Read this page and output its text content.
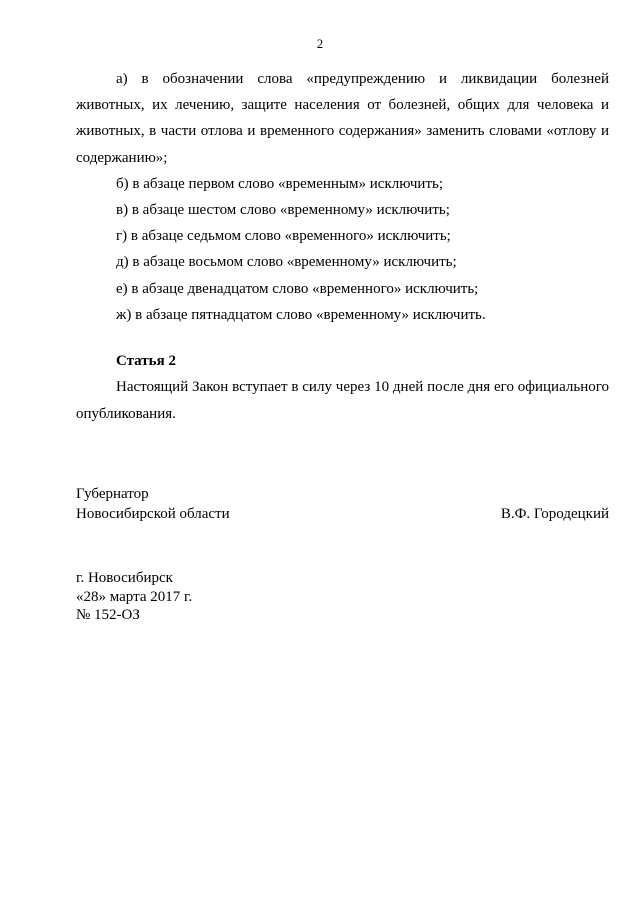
2

а) в обозначении слова «предупреждению и ликвидации болезней животных, их лечению, защите населения от болезней, общих для человека и животных, в части отлова и временного содержания» заменить словами «отлову и содержанию»;

б) в абзаце первом слово «временным» исключить;

в) в абзаце шестом слово «временному» исключить;

г) в абзаце седьмом слово «временного» исключить;

д) в абзаце восьмом слово «временному» исключить;

е) в абзаце двенадцатом слово «временного» исключить;

ж) в абзаце пятнадцатом слово «временному» исключить.

Статья 2

Настоящий Закон вступает в силу через 10 дней после дня его официального опубликования.

Губернатор
Новосибирской области	В.Ф. Городецкий
г. Новосибирск
«28» марта 2017 г.
№ 152-ОЗ
